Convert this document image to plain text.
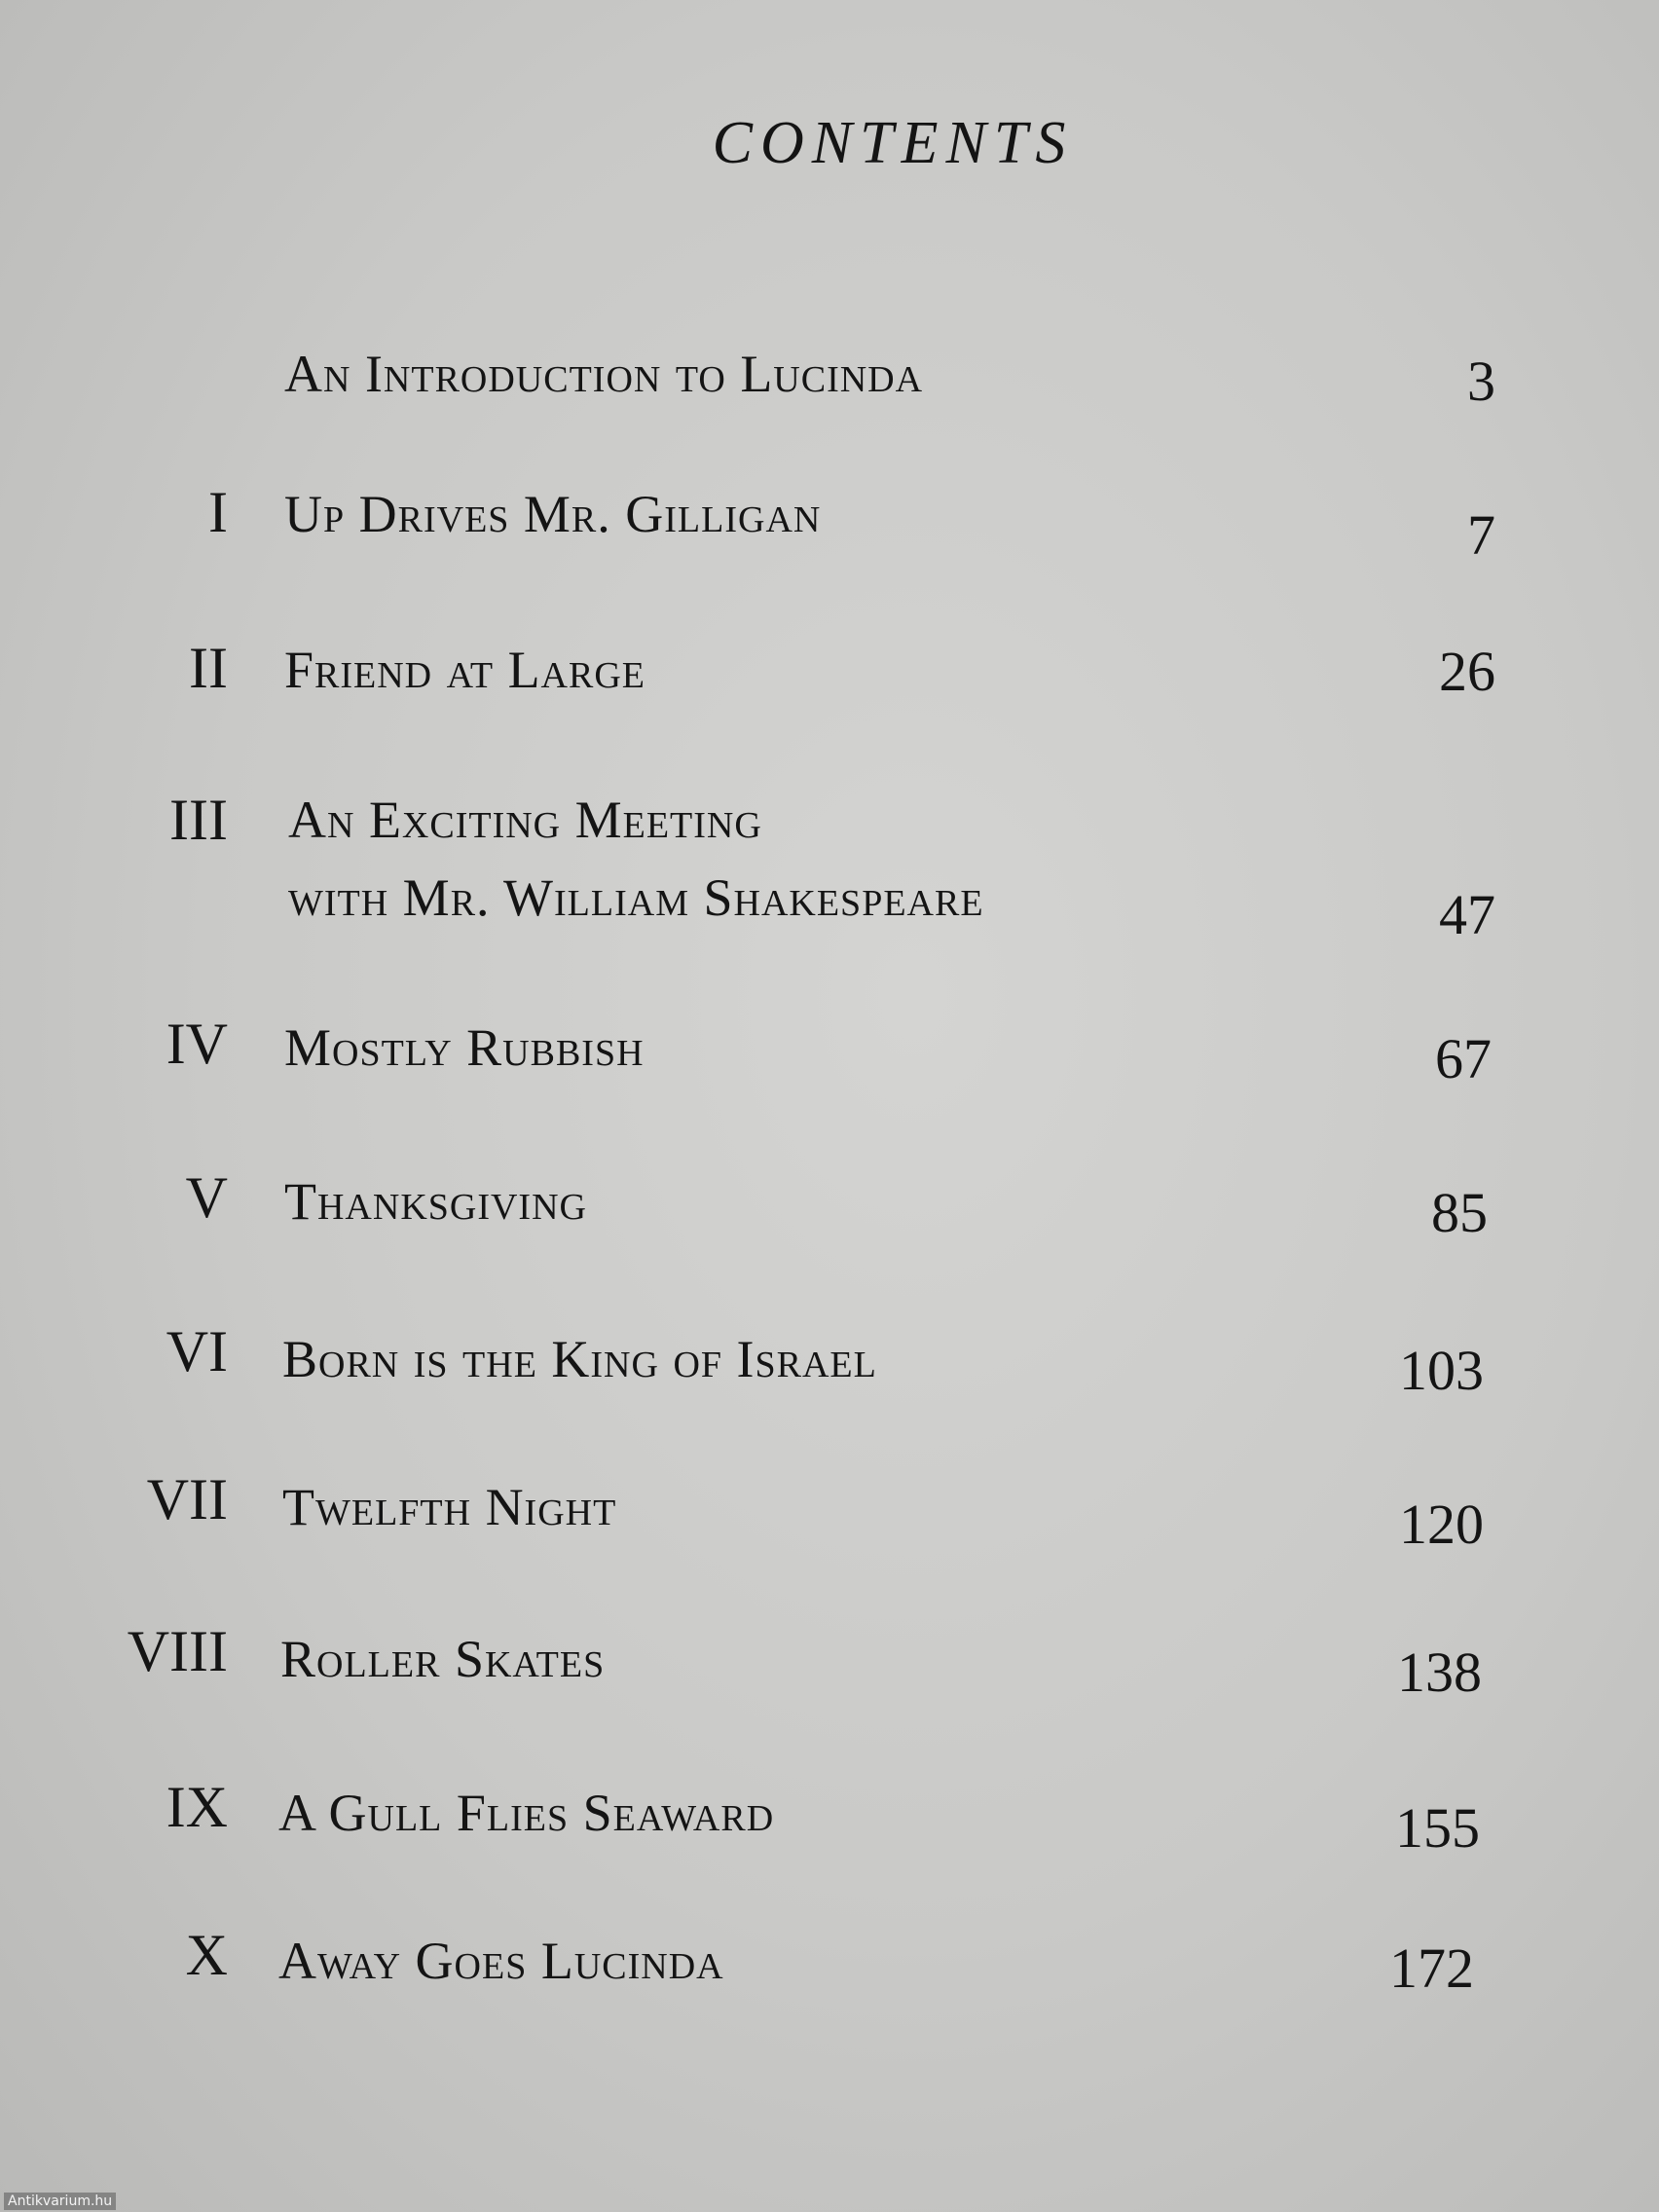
CONTENTS
An Introduction to Lucinda	3
I Up Drives Mr. Gilligan	7
II Friend at Large	26
III An Exciting Meeting
with Mr. William Shakespeare	47
IV Mostly Rubbish	67
V Thanksgiving	85
VI Born is the King of Israel	103
VII Twelfth Night	120
VIII Roller Skates	138
IX A Gull Flies Seaward	155
X Away Goes Lucinda	172
Antikvarium.hu
